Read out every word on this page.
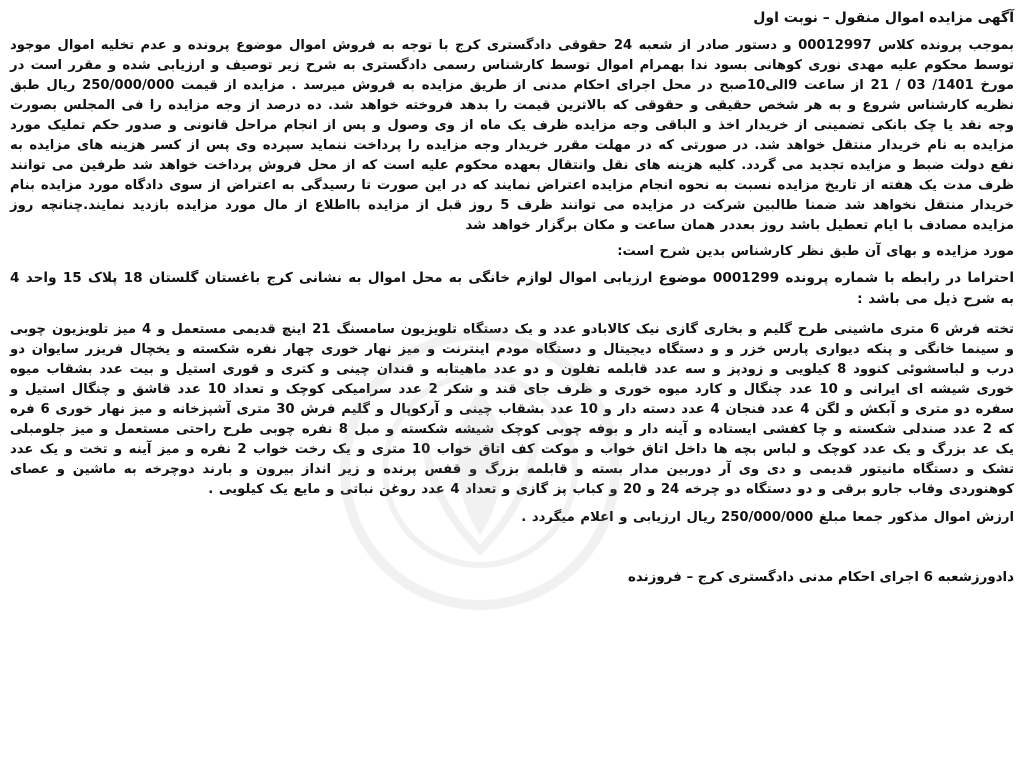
آگهی مزایده اموال منقول – نوبت اول

بموجب پرونده کلاس 00012997 و دستور صادر از شعبه 24 حقوقی دادگستری کرج با توجه به فروش اموال موضوع پرونده و عدم تخلیه اموال موجود توسط محکوم علیه مهدی نوری کوهانی بسود ندا بهمرام اموال توسط کارشناس رسمی دادگستری به شرح زیر توصیف و ارزیابی شده و مقرر است در مورخ 1401/ 03 / 21 از ساعت 9الی10صبح در محل اجرای احکام مدنی از طریق مزایده به فروش میرسد . مزایده از قیمت 250/000/000 ریال طبق نظریه کارشناس شروع و به هر شخص حقیقی و حقوقی که بالاترین قیمت را بدهد فروخته خواهد شد. ده درصد از وجه مزایده را فی المجلس بصورت وجه نقد یا چک بانکی تضمینی از خریدار اخذ و الباقی وجه مزایده ظرف یک ماه از وی وصول و پس از انجام مراحل قانونی و صدور حکم تملیک مورد مزایده به نام خریدار منتقل خواهد شد. در صورتی که در مهلت مقرر خریدار وجه مزایده را پرداخت ننماید سپرده وی پس از کسر هزینه های مزایده به نفع دولت ضبط و مزایده تجدید می گردد. کلیه هزینه های نقل وانتقال بعهده محکوم علیه است که از محل فروش پرداخت خواهد شد طرفین می توانند ظرف مدت یک هفته از تاریخ مزایده نسبت به نحوه انجام مزایده اعتراض نمایند که در این صورت تا رسیدگی به اعتراض از سوی دادگاه مورد مزایده بنام خریدار منتقل نخواهد شد ضمنا طالبین شرکت در مزایده می توانند ظرف 5 روز قبل از مزایده بااطلاع از مال مورد مزایده بازدید نمایند.چنانچه روز مزایده مصادف با ایام تعطیل باشد روز بعددر همان ساعت و مکان برگزار خواهد شد

مورد مزایده و بهای آن طبق نظر کارشناس بدین شرح است:

احتراما در رابطه با شماره پرونده 0001299 موضوع ارزیابی اموال لوازم خانگی به محل اموال به نشانی کرج باغستان گلستان 18 پلاک 15 واحد 4 به شرح ذیل می باشد :

تخته فرش 6 متری ماشینی طرح گلیم و بخاری گازی نیک کالابادو عدد و یک دستگاه تلویزیون سامسنگ 21 اینچ قدیمی مستعمل و 4 میز تلویزیون چوبی و سینما خانگی و پنکه دیواری پارس خزر و و دستگاه دیجیتال و دستگاه مودم اینترنت و میز نهار خوری چهار نفره شکسته و یخچال فریزر سایوان دو درب و لباسشوئی کنوود 8 کیلویی و زودپز و سه عدد قابلمه تفلون و دو عدد ماهیتابه و قندان چینی و کتری و قوری استیل و بیت عدد بشقاب میوه خوری شیشه ای ایرانی و 10 عدد چنگال و کارد میوه خوری و ظرف جای قند و شکر 2 عدد سرامیکی کوچک و تعداد 10 عدد قاشق و چنگال استیل و سفره دو متری و آبکش و لگن 4 عدد فنجان 4 عدد دسته دار و 10 عدد بشقاب چینی و آرکوپال و گلیم فرش 30 متری آشپزخانه و میز نهار خوری 6 فره که 2 عدد صندلی شکسته و چا کفشی ایستاده و آینه دار و بوفه چوبی کوچک شیشه شکسته و مبل 8 نفره چوبی طرح راحتی مستعمل و میز جلومبلی یک عد بزرگ و یک عدد کوچک و لباس بچه ها داخل اتاق خواب و موکت کف اتاق خواب 10 متری و یک رخت خواب 2 نفره و میز آینه و تخت و یک عدد تشک و دستگاه مانیتور قدیمی و دی وی آر دوربین مدار بسته و قابلمه بزرگ و قفس پرنده و زیر انداز بیرون و بارند دوچرخه به ماشین و عصای کوهنوردی وقاب جارو برقی و دو دستگاه دو چرخه 24 و 20 و کباب پز گازی و تعداد 4 عدد روغن نباتی و مایع یک کیلویی .

ارزش اموال مذکور جمعا مبلغ 250/000/000 ریال ارزیابی و اعلام میگردد .

دادورزشعبه 6 اجرای احکام مدنی دادگستری کرج – فروزنده
